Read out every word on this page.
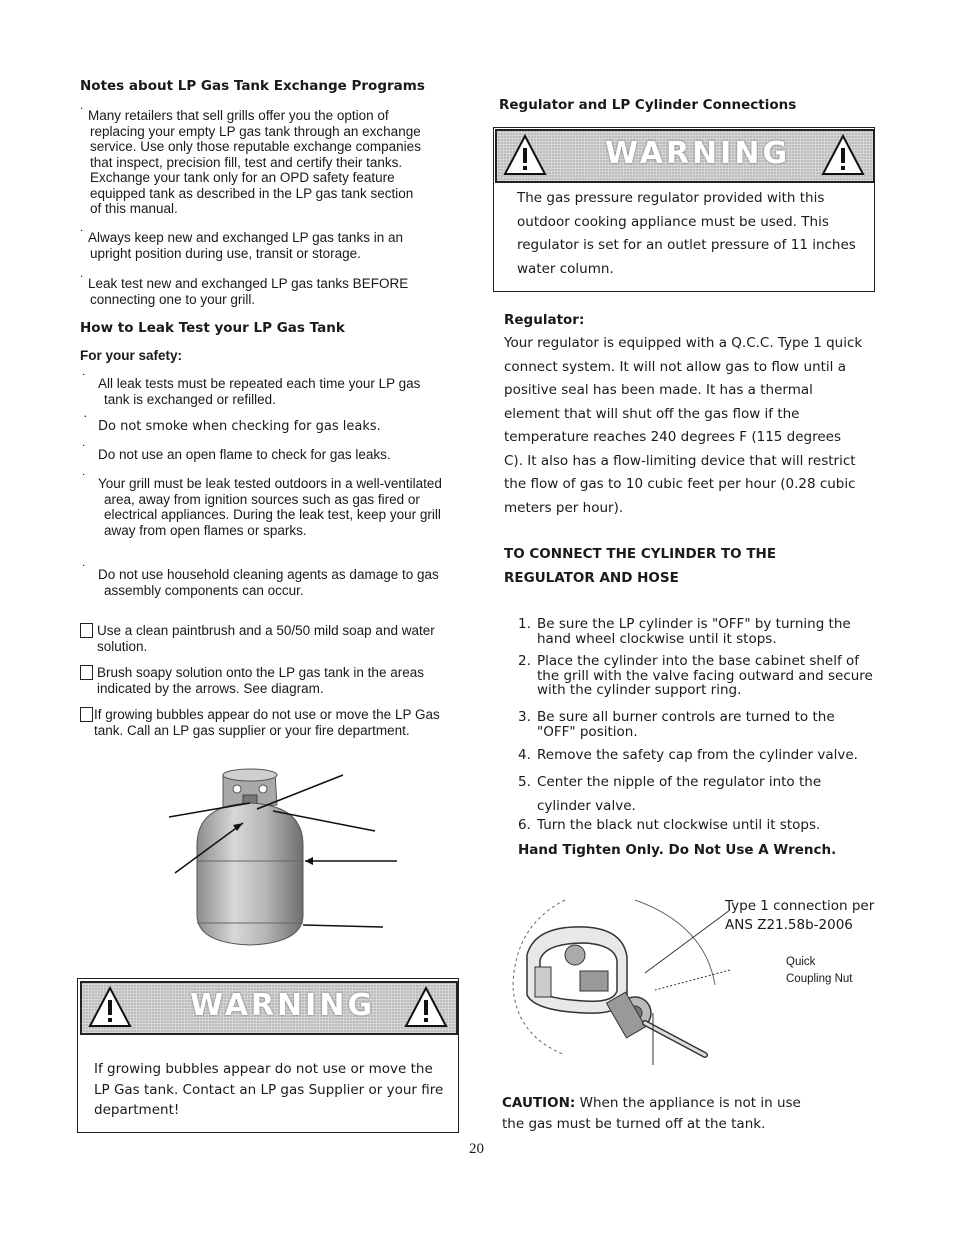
Notes about LP Gas Tank Exchange Programs
˙ Many retailers that sell grills offer you the option of replacing your empty LP gas tank through an exchange service. Use only those reputable exchange companies that inspect, precision fill, test and certify their tanks. Exchange your tank only for an OPD safety feature equipped tank as described in the LP gas tank section of this manual.
˙ Always keep new and exchanged LP gas tanks in an upright position during use, transit or storage.
˙ Leak test new and exchanged LP gas tanks BEFORE connecting one to your grill.
How to Leak Test your LP Gas Tank
For your safety:
˙ All leak tests must be repeated each time your LP gas tank is exchanged or refilled.
˙ Do not smoke when checking for gas leaks.
˙ Do not use an open flame to check for gas leaks.
˙ Your grill must be leak tested outdoors in a well-ventilated area, away from ignition sources such as gas fired or electrical appliances. During the leak test, keep your grill away from open flames or sparks.
˙ Do not use household cleaning agents as damage to gas assembly components can occur.
Use a clean paintbrush and a 50/50 mild soap and water solution.
Brush soapy solution onto the LP gas tank in the areas indicated by the arrows. See diagram.
If growing bubbles appear do not use or move the LP Gas tank. Call an LP gas supplier or your fire department.
WARNING
If growing bubbles appear do not use or move the LP Gas tank. Contact an LP gas Supplier or your fire department!
Regulator and LP Cylinder Connections
WARNING
The gas pressure regulator provided with this outdoor cooking appliance must be used. This regulator is set for an outlet pressure of 11 inches water column.
Regulator:
Your regulator is equipped with a Q.C.C. Type 1 quick connect system. It will not allow gas to flow until a positive seal has been made. It has a thermal element that will shut off the gas flow if the temperature reaches 240 degrees F (115 degrees C). It also has a flow-limiting device that will restrict the flow of gas to 10 cubic feet per hour (0.28 cubic meters per hour).
TO CONNECT THE CYLINDER TO THE
REGULATOR AND HOSE
1. Be sure the LP cylinder is "OFF" by turning the hand wheel clockwise until it stops.
2. Place the cylinder into the base cabinet shelf of the grill with the valve facing outward and secure with the cylinder support ring.
3. Be sure all burner controls are turned to the "OFF" position.
4. Remove the safety cap from the cylinder valve.
5. Center the nipple of the regulator into the cylinder valve.
6. Turn the black nut clockwise until it stops.
Hand Tighten Only. Do Not Use A Wrench.
Type 1 connection per
ANS Z21.58b-2006
Quick
Coupling Nut
CAUTION: When the appliance is not in use
the gas must be turned off at the tank.
20
